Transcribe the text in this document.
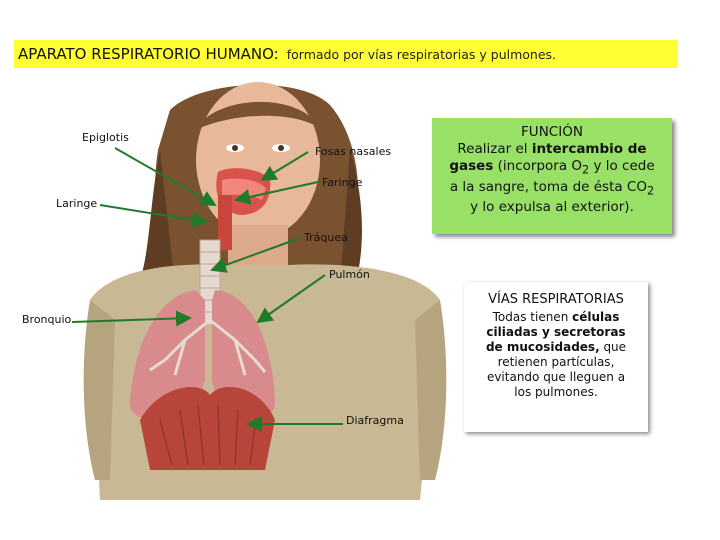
APARATO RESPIRATORIO HUMANO: formado por vías respiratorias y pulmones.
Epiglotis
Fosas nasales
Faringe
Laringe
Tráquea
Pulmón
Bronquio
Diafragma
FUNCIÓN
Realizar el intercambio de
gases (incorpora $O_2$ y lo cede
a la sangre, toma de ésta $CO_2$
y lo expulsa al exterior).
VÍAS RESPIRATORIAS
Todas tienen células
ciliadas y secretoras
de mucosidades, que
retienen partículas,
evitando que lleguen a
los pulmones.
